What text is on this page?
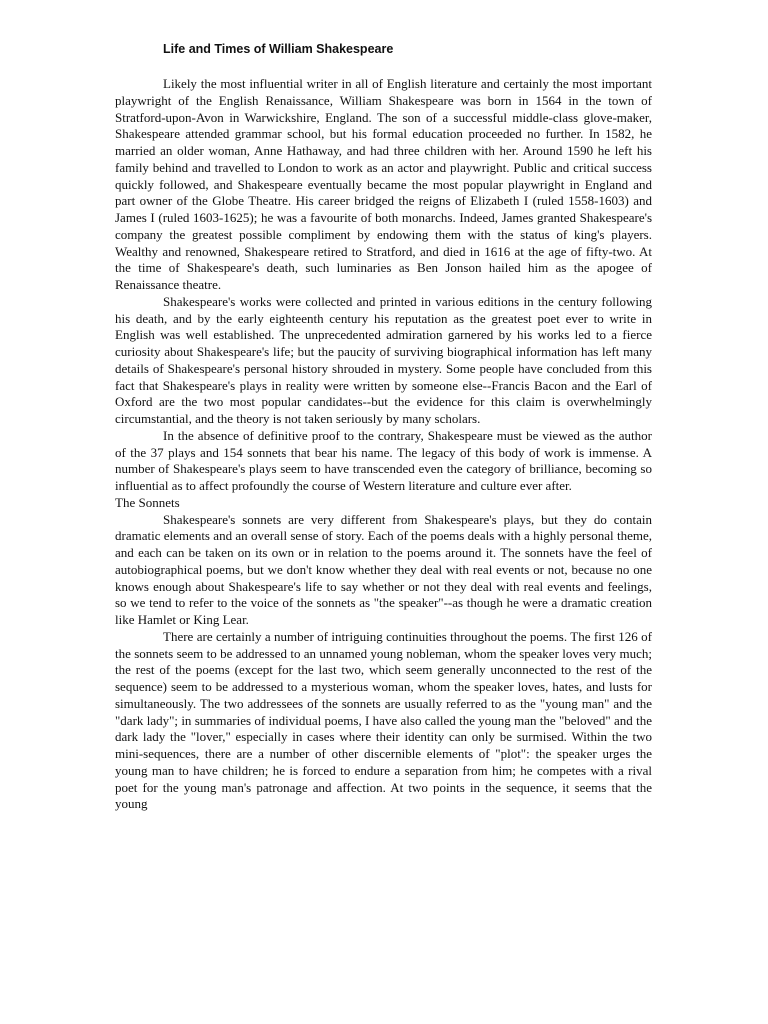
Life and Times of William Shakespeare

Likely the most influential writer in all of English literature and certainly the most important playwright of the English Renaissance, William Shakespeare was born in 1564 in the town of Stratford-upon-Avon in Warwickshire, England. The son of a successful middle-class glove-maker, Shakespeare attended grammar school, but his formal education proceeded no further. In 1582, he married an older woman, Anne Hathaway, and had three children with her. Around 1590 he left his family behind and travelled to London to work as an actor and playwright. Public and critical success quickly followed, and Shakespeare eventually became the most popular playwright in England and part owner of the Globe Theatre. His career bridged the reigns of Elizabeth I (ruled 1558-1603) and James I (ruled 1603-1625); he was a favourite of both monarchs. Indeed, James granted Shakespeare's company the greatest possible compliment by endowing them with the status of king's players. Wealthy and renowned, Shakespeare retired to Stratford, and died in 1616 at the age of fifty-two. At the time of Shakespeare's death, such luminaries as Ben Jonson hailed him as the apogee of Renaissance theatre.

Shakespeare's works were collected and printed in various editions in the century following his death, and by the early eighteenth century his reputation as the greatest poet ever to write in English was well established. The unprecedented admiration garnered by his works led to a fierce curiosity about Shakespeare's life; but the paucity of surviving biographical information has left many details of Shakespeare's personal history shrouded in mystery. Some people have concluded from this fact that Shakespeare's plays in reality were written by someone else--Francis Bacon and the Earl of Oxford are the two most popular candidates--but the evidence for this claim is overwhelmingly circumstantial, and the theory is not taken seriously by many scholars.

In the absence of definitive proof to the contrary, Shakespeare must be viewed as the author of the 37 plays and 154 sonnets that bear his name. The legacy of this body of work is immense. A number of Shakespeare's plays seem to have transcended even the category of brilliance, becoming so influential as to affect profoundly the course of Western literature and culture ever after.

The Sonnets

Shakespeare's sonnets are very different from Shakespeare's plays, but they do contain dramatic elements and an overall sense of story. Each of the poems deals with a highly personal theme, and each can be taken on its own or in relation to the poems around it. The sonnets have the feel of autobiographical poems, but we don't know whether they deal with real events or not, because no one knows enough about Shakespeare's life to say whether or not they deal with real events and feelings, so we tend to refer to the voice of the sonnets as "the speaker"--as though he were a dramatic creation like Hamlet or King Lear.

There are certainly a number of intriguing continuities throughout the poems. The first 126 of the sonnets seem to be addressed to an unnamed young nobleman, whom the speaker loves very much; the rest of the poems (except for the last two, which seem generally unconnected to the rest of the sequence) seem to be addressed to a mysterious woman, whom the speaker loves, hates, and lusts for simultaneously. The two addressees of the sonnets are usually referred to as the "young man" and the "dark lady"; in summaries of individual poems, I have also called the young man the "beloved" and the dark lady the "lover," especially in cases where their identity can only be surmised. Within the two mini-sequences, there are a number of other discernible elements of "plot": the speaker urges the young man to have children; he is forced to endure a separation from him; he competes with a rival poet for the young man's patronage and affection. At two points in the sequence, it seems that the young
